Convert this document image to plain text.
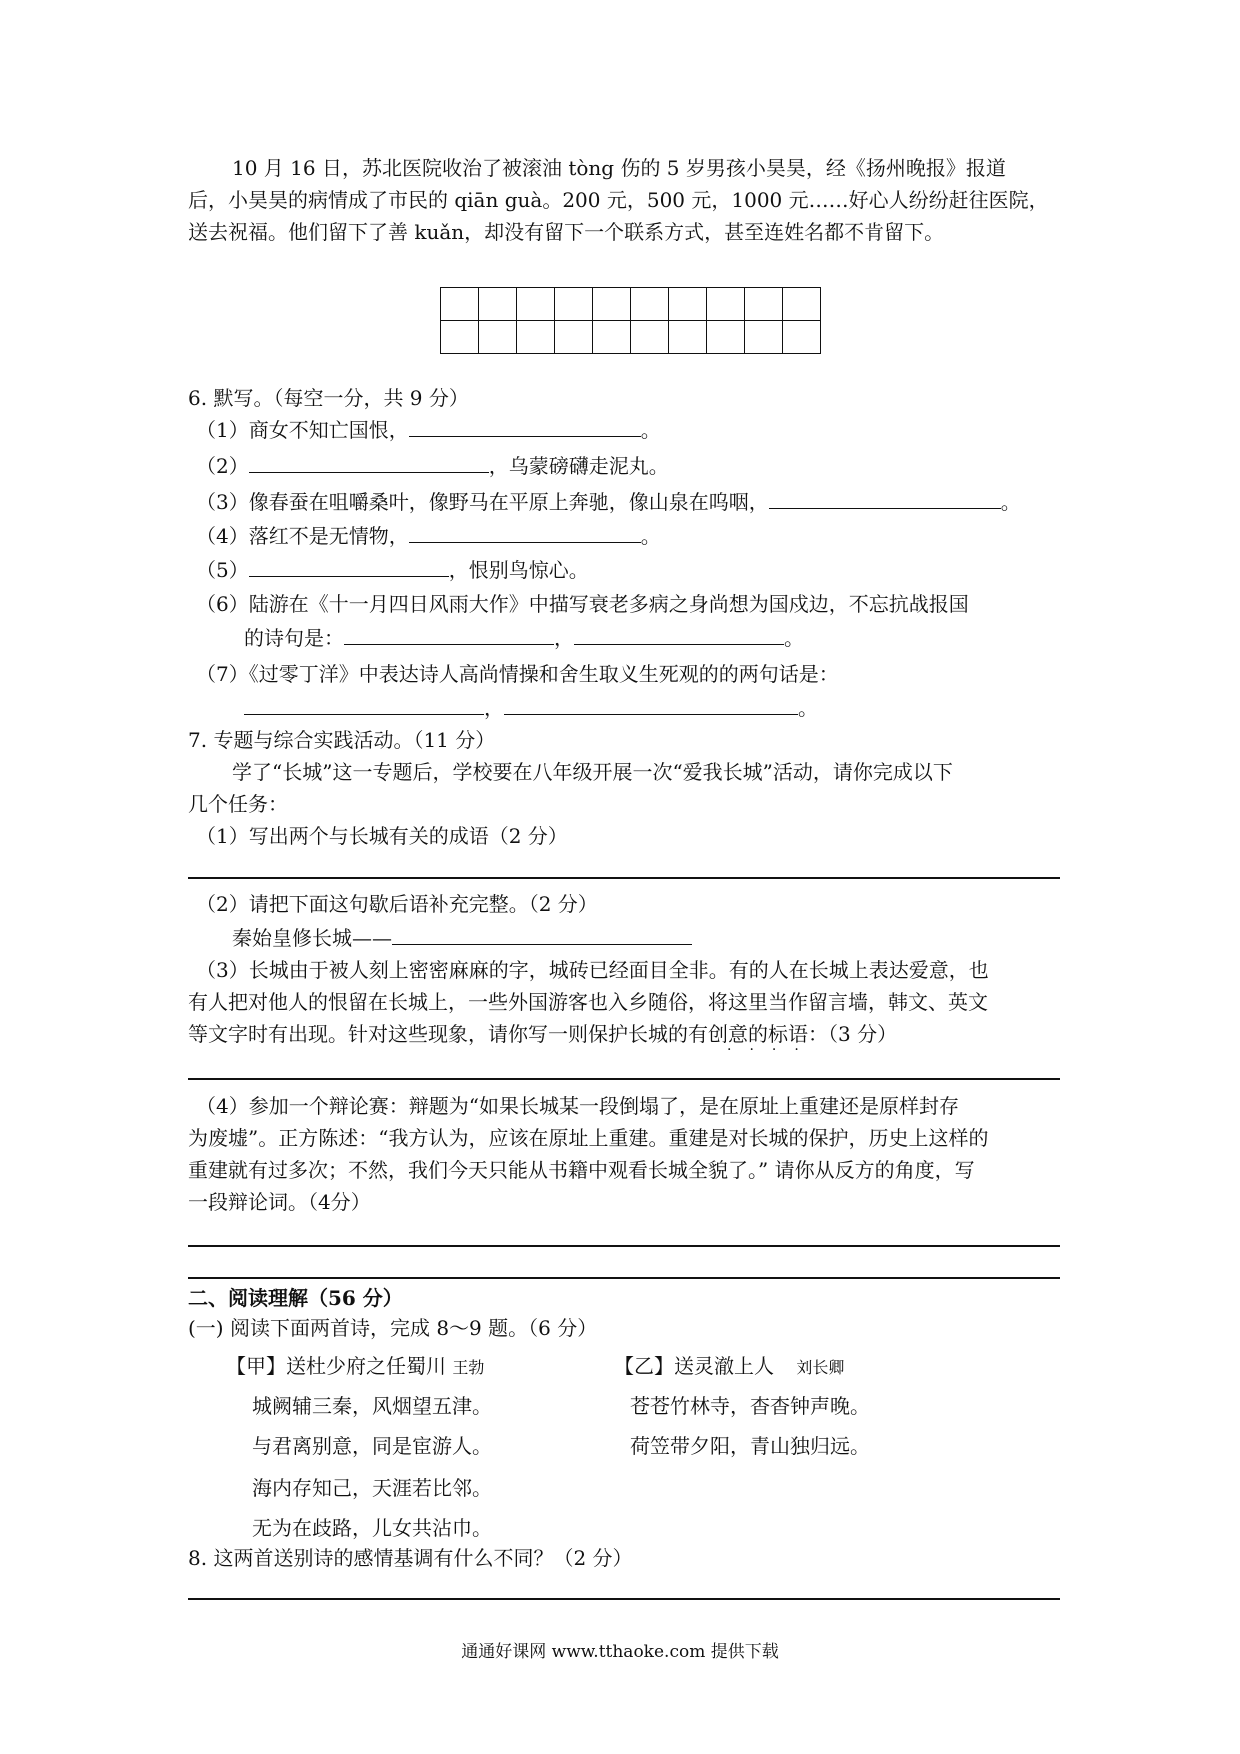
10 月 16 日，苏北医院收治了被滚油 tòng 伤的 5 岁男孩小昊昊，经《扬州晚报》报道
后，小昊昊的病情成了市民的 qiān guà。200 元，500 元，1000 元……好心人纷纷赶往医院，
送去祝福。他们留下了善 kuǎn，却没有留下一个联系方式，甚至连姓名都不肯留下。

6. 默写。（每空一分，共 9 分）
（1）商女不知亡国恨，	。
（2）	，乌蒙磅礴走泥丸。
（3）像春蚕在咀嚼桑叶，像野马在平原上奔驰，像山泉在呜咽，	。
（4）落红不是无情物，	。
（5）	，恨别鸟惊心。
（6）陆游在《十一月四日风雨大作》中描写衰老多病之身尚想为国戍边，不忘抗战报国
的诗句是：	，	。
（7）《过零丁洋》中表达诗人高尚情操和舍生取义生死观的的两句话是：
，	。
7. 专题与综合实践活动。（11 分）
学了“长城”这一专题后，学校要在八年级开展一次“爱我长城”活动，请你完成以下
几个任务：
（1）写出两个与长城有关的成语（2 分）
（2）请把下面这句歇后语补充完整。（2 分）
秦始皇修长城——
（3）长城由于被人刻上密密麻麻的字，城砖已经面目全非。有的人在长城上表达爱意，也
有人把对他人的恨留在长城上，一些外国游客也入乡随俗，将这里当作留言墙，韩文、英文
等文字时有出现。针对这些现象，请你写一则保护长城的有创意的标语：（3 分）
····
（4）参加一个辩论赛：辩题为“如果长城某一段倒塌了，是在原址上重建还是原样封存
为废墟”。正方陈述：“我方认为，应该在原址上重建。重建是对长城的保护，历史上这样的
重建就有过多次；不然，我们今天只能从书籍中观看长城全貌了。” 请你从反方的角度，写
一段辩论词。（4分）
二、阅读理解（56 分）
(一) 阅读下面两首诗，完成 8～9 题。（6 分）
【甲】送杜少府之任蜀川 王勃
城阙辅三秦，风烟望五津。
与君离别意，同是宦游人。
海内存知己，天涯若比邻。
无为在歧路，儿女共沾巾。
【乙】送灵澈上人 刘长卿
苍苍竹林寺，杳杳钟声晚。
荷笠带夕阳，青山独归远。
8. 这两首送别诗的感情基调有什么不同？（2 分）
通通好课网 www.tthaoke.com 提供下载
